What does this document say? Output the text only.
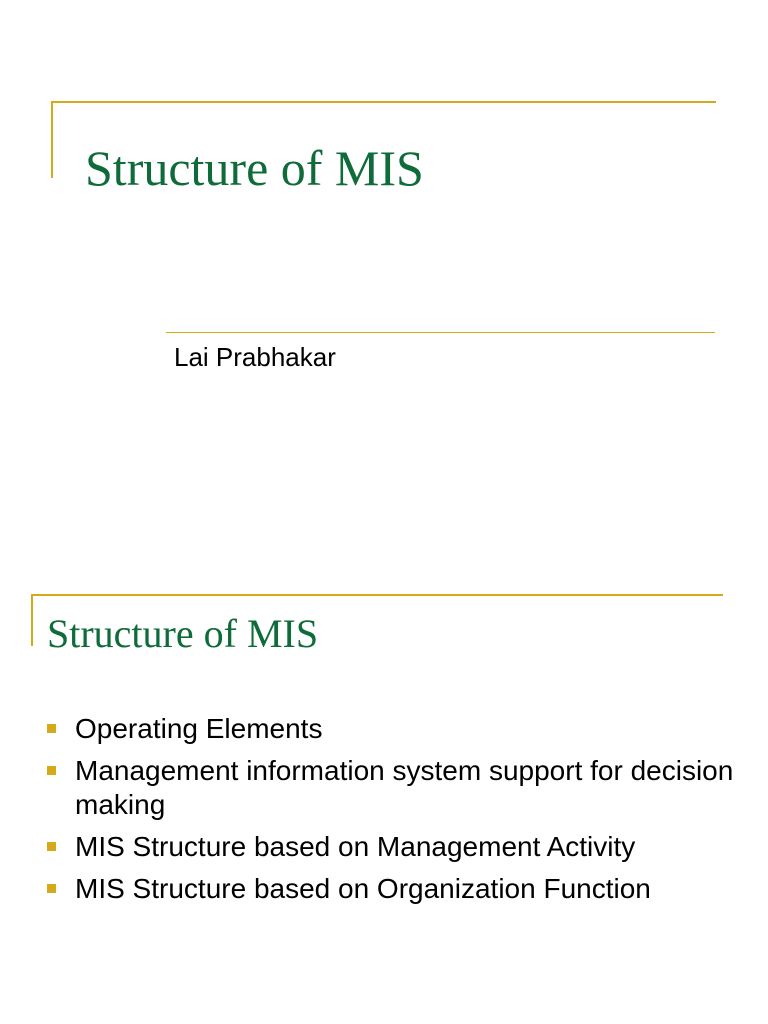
Structure of MIS
Lai Prabhakar
Structure of MIS
Operating Elements
Management information system support for decision making
MIS Structure based on Management Activity
MIS Structure based on Organization Function
